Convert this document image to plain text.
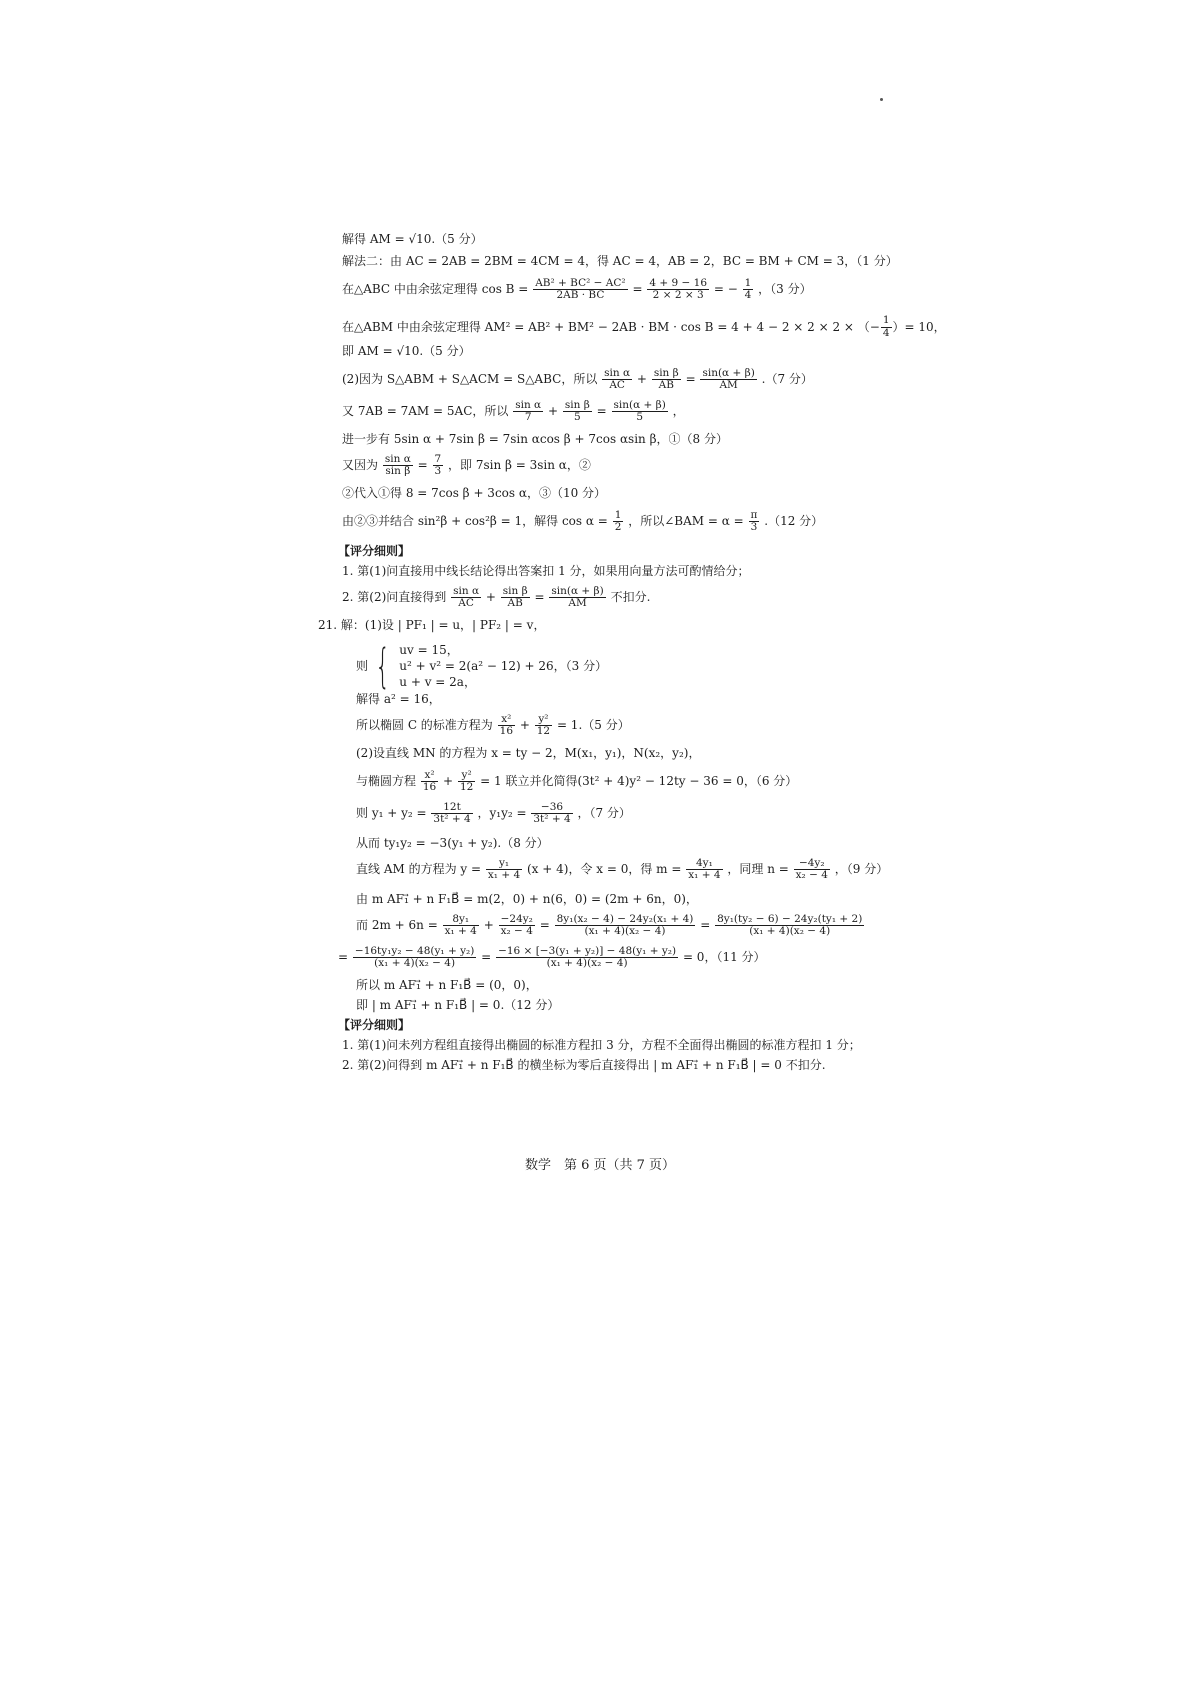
解得 AM = √10.（5 分）
解法二：由 AC = 2AB = 2BM = 4CM = 4，得 AC = 4，AB = 2，BC = BM + CM = 3，（1 分）
在△ABC 中由余弦定理得 $\cos B = \frac{\text{AB² + BC² − AC²}}{2AB \cdot BC} = \frac{4 + 9 - 16}{2 \times 2 \times 3}$ = − $\frac{1}{4}$ ，（3 分）
在△ABM 中由余弦定理得 AM² = AB² + BM² − 2AB · BM · cos B = 4 + 4 − 2 × 2 × 2 × （− $\frac{1}{4}$ ）= 10，
即 AM = √10.（5 分）
(2)因为 S△ABM + S△ACM = S△ABC，所以 $\frac{\text{sin α}}{AC} + \frac{\text{sin β}}{AB} = \frac{\sin(\alpha + \beta)}{AM} .(7$ 分）
又 7AB = 7AM = 5AC，所以 $\frac{\text{sin α}}{7} + \frac{\text{sin β}}{5} = \frac{\sin(\alpha + \beta)}{5}$ ，
进一步有 5sin α + 7sin β = 7sin αcos β + 7cos αsin β，①（8 分）
又因为 $\frac{\text{sin α}}{\text{sin β}} = \frac{7}{3}$ ，即 7sin β = 3sin α，②
②代入①得 8 = 7cos β + 3cos α，③（10 分）
由②③并结合 sin²β + cos²β = 1，解得 $\cos \alpha = \frac{1}{2}$ ，所以∠BAM = $\alpha = \frac{\pi}{3} .(12$ 分）
【评分细则】
1. 第(1)问直接用中线长结论得出答案扣 1 分，如果用向量方法可酌情给分；
2. 第(2)问直接得到 $\frac{\text{sin α}}{AC} + \frac{\text{sin β}}{AB} = \frac{\sin(\alpha + \beta)}{AM}$ 不扣分.
21. 解：(1)设 | PF₁ | = u，| PF₂ | = v，
则 { uv = 15，
u² + v² = 2(a² − 12) + 26，（3 分）
u + v = 2a，
解得 a² = 16，
所以椭圆 C 的标准方程为 $\frac{\text{x²}}{16} + \frac{\text{y²}}{12} = 1.(5$ 分）
(2)设直线 MN 的方程为 x = ty − 2，M(x₁，y₁)，N(x₂，y₂)，
与椭圆方程 $\frac{\text{x²}}{16} + \frac{\text{y²}}{12} = 1$ 联立并化简得(3t² + 4)y² − 12ty − 36 = 0，（6 分）
则 $y_1 + y_2 = \frac{12t}{\text{3t² + 4}}$ ，$y_1y_2 = \frac{-36}{\text{3t² + 4}}$ ，（7 分）
从而 ty₁y₂ = −3(y₁ + y₂).（8 分）
直线 AM 的方程为 $y = \frac{\text{y₁}}{\text{x₁ + 4}} (x + 4)$，令 x = 0，得 $m = \frac{\text{4y₁}}{\text{x₁ + 4}}$ ，同理 $n = \frac{\text{−4y₂}}{\text{x₂ − 4}}$ ，（9 分）
由 m AF₁⃗ + n F₁B⃗ = m(2，0) + n(6，0) = (2m + 6n，0)，
而 $2m + 6n = \frac{\text{8y₁}}{\text{x₁ + 4}} + \frac{\text{−24y₂}}{\text{x₂ − 4}} = \frac{\text{8y₁(x₂ − 4) − 24y₂(x₁ + 4)}}{\text{(x₁ + 4)(x₂ − 4)}} = \frac{\text{8y₁(ty₂ − 6) − 24y₂(ty₁ + 2)}}{\text{(x₁ + 4)(x₂ − 4)}}$
= $\frac{\text{−16ty₁y₂ − 48(y₁ + y₂)}}{\text{(x₁ + 4)(x₂ − 4)}} = \frac{\text{−16 × [−3(y₁ + y₂)] − 48(y₁ + y₂)}}{\text{(x₁ + 4)(x₂ − 4)}} = 0$，（11 分）
所以 m AF₁⃗ + n F₁B⃗ = (0，0)，
即 | m AF₁⃗ + n F₁B⃗ | = 0.（12 分）
【评分细则】
1. 第(1)问未列方程组直接得出椭圆的标准方程扣 3 分，方程不全面得出椭圆的标准方程扣 1 分；
2. 第(2)问得到 m AF₁⃗ + n F₁B⃗ 的横坐标为零后直接得出 | m AF₁⃗ + n F₁B⃗ | = 0 不扣分.
数学　第 6 页（共 7 页）
